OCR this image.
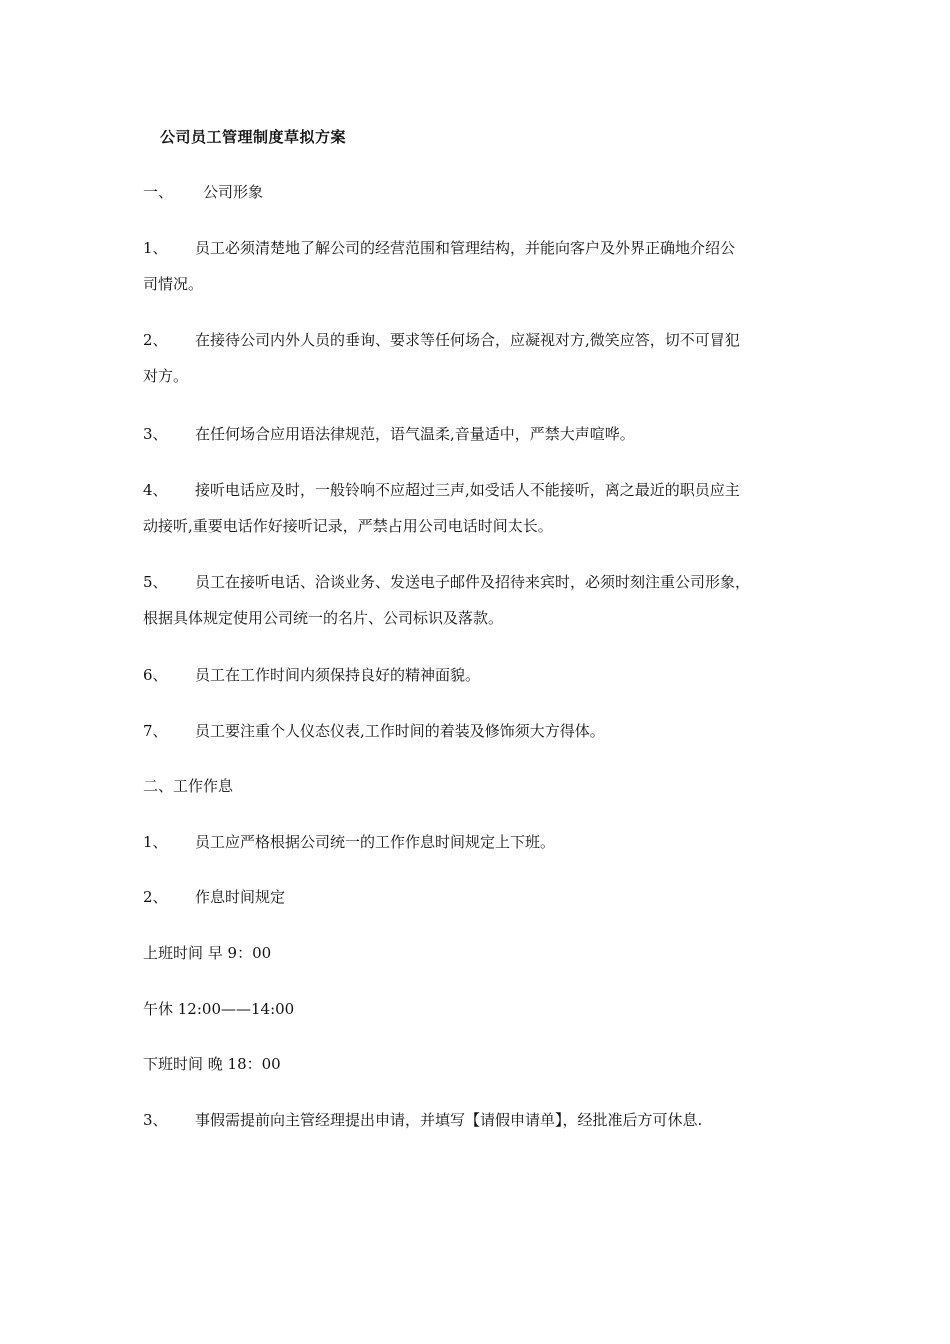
公司员工管理制度草拟方案
一、 公司形象
1、 员工必须清楚地了解公司的经营范围和管理结构，并能向客户及外界正确地介绍公
司情况。
2、 在接待公司内外人员的垂询、要求等任何场合，应凝视对方,微笑应答，切不可冒犯
对方。
3、 在任何场合应用语法律规范，语气温柔,音量适中，严禁大声喧哗。
4、 接听电话应及时，一般铃响不应超过三声,如受话人不能接听，离之最近的职员应主
动接听,重要电话作好接听记录，严禁占用公司电话时间太长。
5、 员工在接听电话、洽谈业务、发送电子邮件及招待来宾时，必须时刻注重公司形象，
根据具体规定使用公司统一的名片、公司标识及落款。
6、 员工在工作时间内须保持良好的精神面貌。
7、 员工要注重个人仪态仪表,工作时间的着装及修饰须大方得体。
二、工作作息
1、 员工应严格根据公司统一的工作作息时间规定上下班。
2、 作息时间规定
上班时间 早 9：00
午休 12:00——14:00
下班时间 晚 18：00
3、 事假需提前向主管经理提出申请，并填写【请假申请单】，经批准后方可休息.
